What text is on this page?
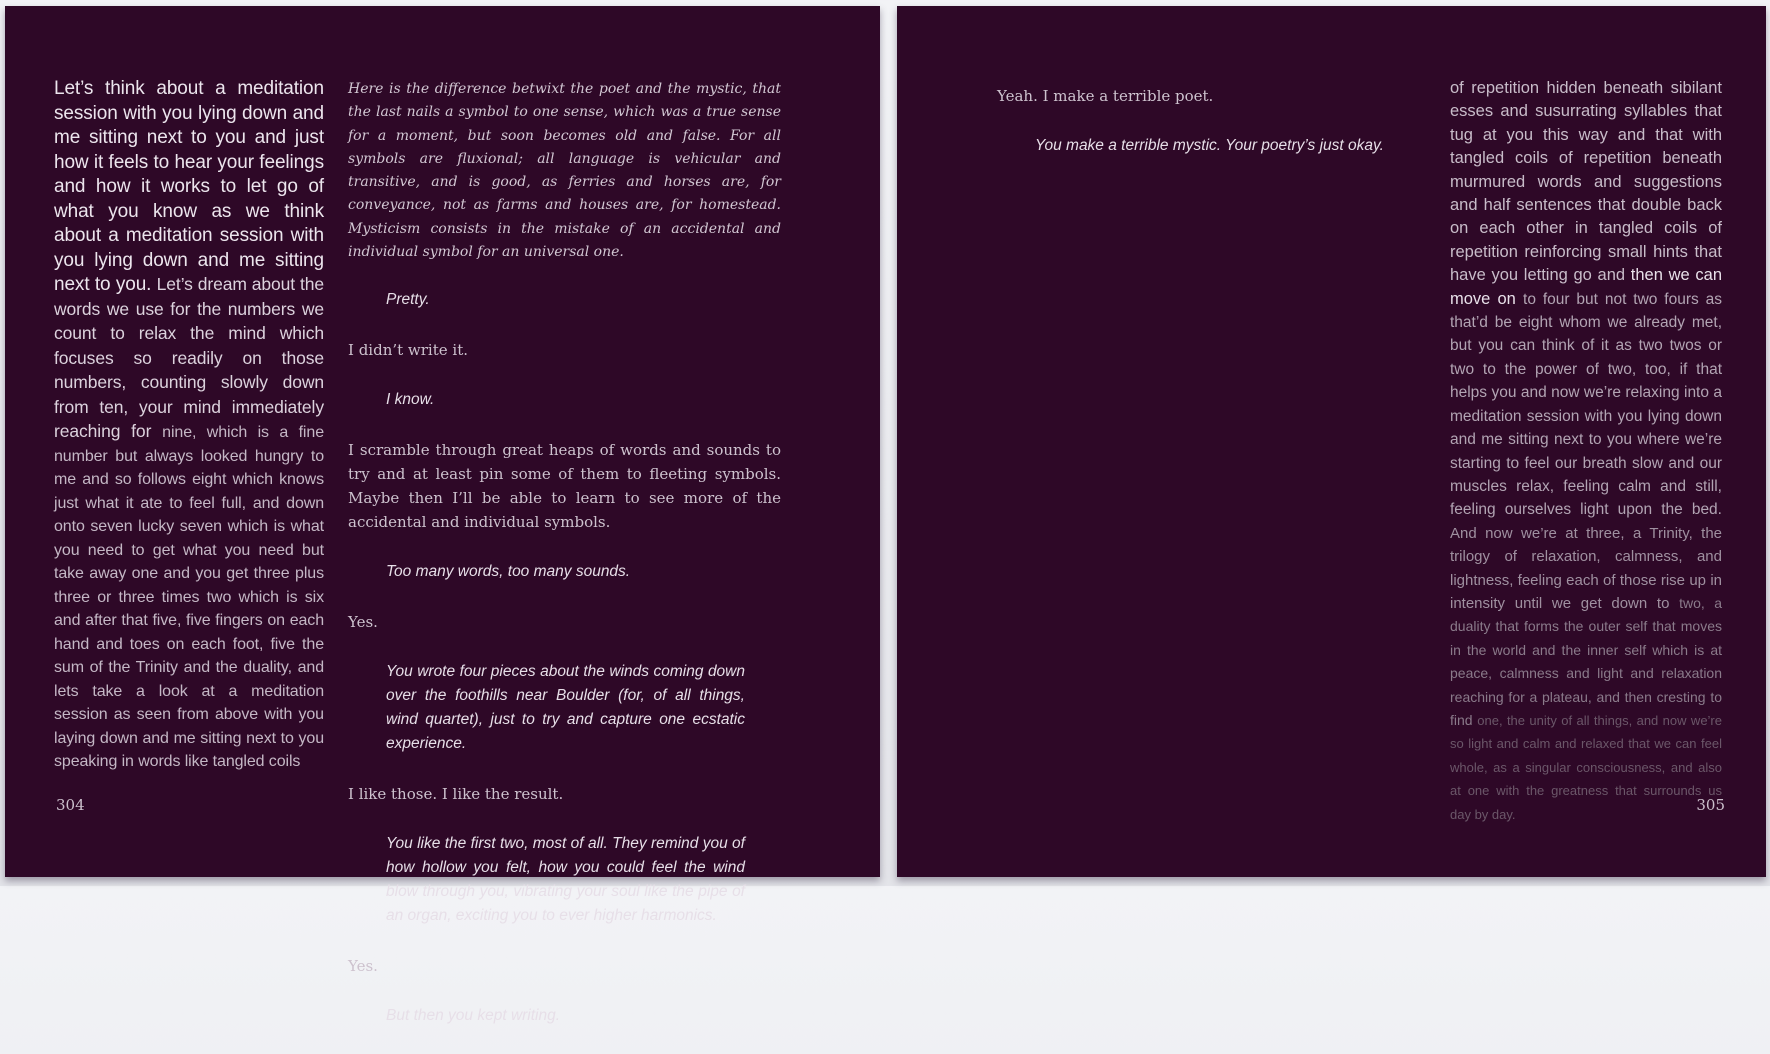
Let’s think about a meditation session with you lying down and me sitting next to you and just how it feels to hear your feelings and how it works to let go of what you know as we think about a meditation session with you lying down and me sitting next to you. Let’s dream about the words we use for the numbers we count to relax the mind which focuses so readily on those numbers, counting slowly down from ten, your mind immediately reaching for nine, which is a fine number but always looked hungry to me and so follows eight which knows just what it ate to feel full, and down onto seven lucky seven which is what you need to get what you need but take away one and you get three plus three or three times two which is six and after that five, five fingers on each hand and toes on each foot, five the sum of the Trinity and the duality, and lets take a look at a meditation session as seen from above with you laying down and me sitting next to you speaking in words like tangled coils

Here is the difference betwixt the poet and the mystic, that the last nails a symbol to one sense, which was a true sense for a moment, but soon becomes old and false. For all symbols are fluxional; all language is vehicular and transitive, and is good, as ferries and horses are, for conveyance, not as farms and houses are, for homestead. Mysticism consists in the mistake of an accidental and individual symbol for an universal one.

Pretty.

I didn’t write it.

I know.

I scramble through great heaps of words and sounds to try and at least pin some of them to fleeting symbols. Maybe then I’ll be able to learn to see more of the accidental and individual symbols.

Too many words, too many sounds.

Yes.

You wrote four pieces about the winds coming down over the foothills near Boulder (for, of all things, wind quartet), just to try and capture one ecstatic experience.

I like those. I like the result.

You like the first two, most of all. They remind you of how hollow you felt, how you could feel the wind blow through you, vibrating your soul like the pipe of an organ, exciting you to ever higher harmonics.

Yes.

But then you kept writing.

304

Yeah. I make a terrible poet.

You make a terrible mystic. Your poetry’s just okay.

of repetition hidden beneath sibilant esses and susurrating syllables that tug at you this way and that with tangled coils of repetition beneath murmured words and suggestions and half sentences that double back on each other in tangled coils of repetition reinforcing small hints that have you letting go and then we can move on to four but not two fours as that’d be eight whom we already met, but you can think of it as two twos or two to the power of two, too, if that helps you and now we’re relaxing into a meditation session with you lying down and me sitting next to you where we’re starting to feel our breath slow and our muscles relax, feeling calm and still, feeling ourselves light upon the bed. And now we’re at three, a Trinity, the trilogy of relaxation, calmness, and lightness, feeling each of those rise up in intensity until we get down to two, a duality that forms the outer self that moves in the world and the inner self which is at peace, calmness and light and relaxation reaching for a plateau, and then cresting to find one, the unity of all things, and now we’re so light and calm and relaxed that we can feel whole, as a singular consciousness, and also at one with the greatness that surrounds us day by day.
305
